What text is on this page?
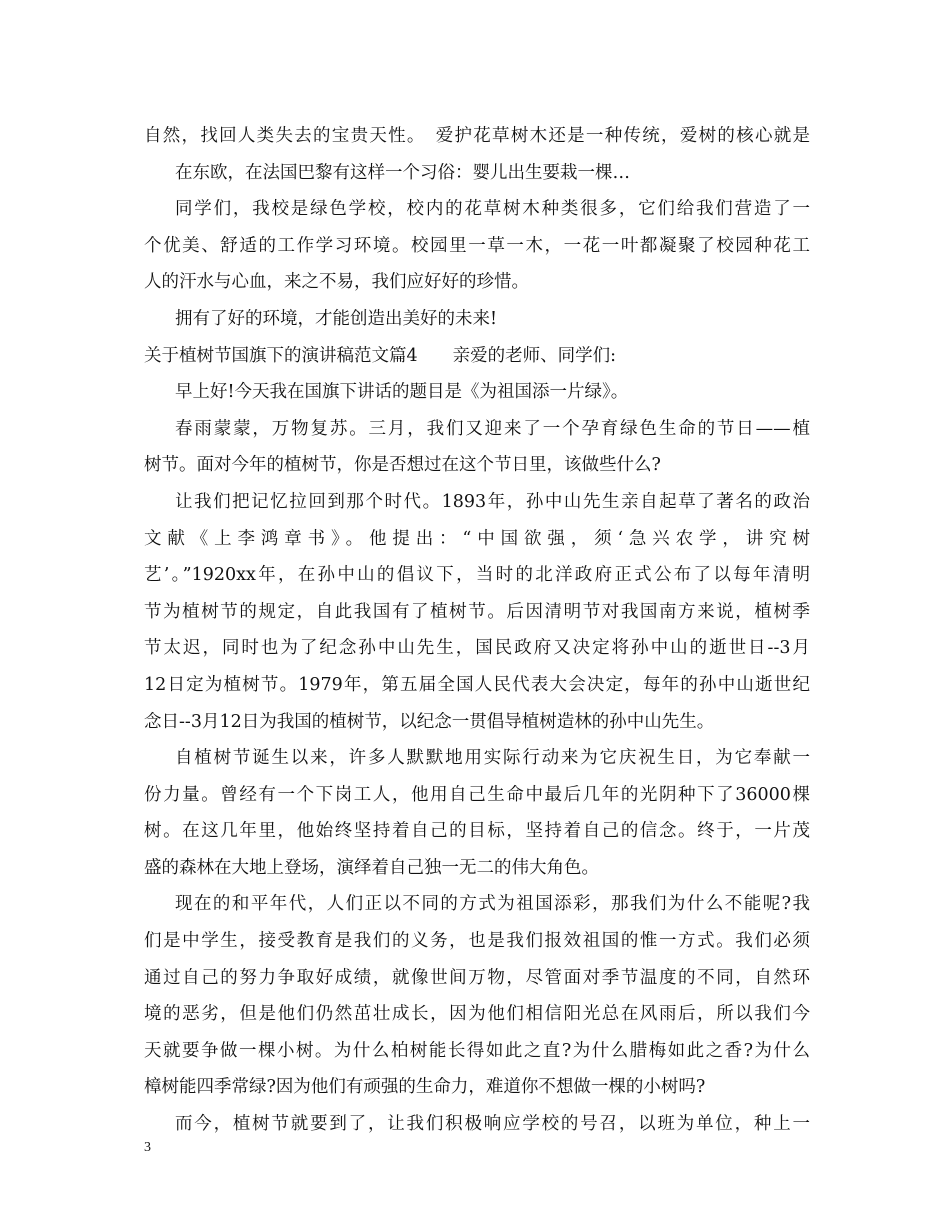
自然，找回人类失去的宝贵天性。　爱护花草树木还是一种传统，爱树的核心就是
在东欧，在法国巴黎有这样一个习俗：婴儿出生要栽一棵…
同学们，我校是绿色学校，校内的花草树木种类很多，它们给我们营造了一
个优美、舒适的工作学习环境。校园里一草一木，一花一叶都凝聚了校园种花工
人的汗水与心血，来之不易，我们应好好的珍惜。
拥有了好的环境，才能创造出美好的未来!
关于植树节国旗下的演讲稿范文篇4　　亲爱的老师、同学们:
早上好!今天我在国旗下讲话的题目是《为祖国添一片绿》。
春雨蒙蒙，万物复苏。三月，我们又迎来了一个孕育绿色生命的节日——植
树节。面对今年的植树节，你是否想过在这个节日里，该做些什么?
让我们把记忆拉回到那个时代。1893年，孙中山先生亲自起草了著名的政治
文献《上李鸿章书》。他提出：“中国欲强，须‘急兴农学，讲究树
艺’。”1920xx年，在孙中山的倡议下，当时的北洋政府正式公布了以每年清明
节为植树节的规定，自此我国有了植树节。后因清明节对我国南方来说，植树季
节太迟，同时也为了纪念孙中山先生，国民政府又决定将孙中山的逝世日--3月
12日定为植树节。1979年，第五届全国人民代表大会决定，每年的孙中山逝世纪
念日--3月12日为我国的植树节，以纪念一贯倡导植树造林的孙中山先生。
自植树节诞生以来，许多人默默地用实际行动来为它庆祝生日，为它奉献一
份力量。曾经有一个下岗工人，他用自己生命中最后几年的光阴种下了36000棵
树。在这几年里，他始终坚持着自己的目标，坚持着自己的信念。终于，一片茂
盛的森林在大地上登场，演绎着自己独一无二的伟大角色。
现在的和平年代，人们正以不同的方式为祖国添彩，那我们为什么不能呢?我
们是中学生，接受教育是我们的义务，也是我们报效祖国的惟一方式。我们必须
通过自己的努力争取好成绩，就像世间万物，尽管面对季节温度的不同，自然环
境的恶劣，但是他们仍然茁壮成长，因为他们相信阳光总在风雨后，所以我们今
天就要争做一棵小树。为什么柏树能长得如此之直?为什么腊梅如此之香?为什么
樟树能四季常绿?因为他们有顽强的生命力，难道你不想做一棵的小树吗?
而今，植树节就要到了，让我们积极响应学校的号召，以班为单位，种上一
3
